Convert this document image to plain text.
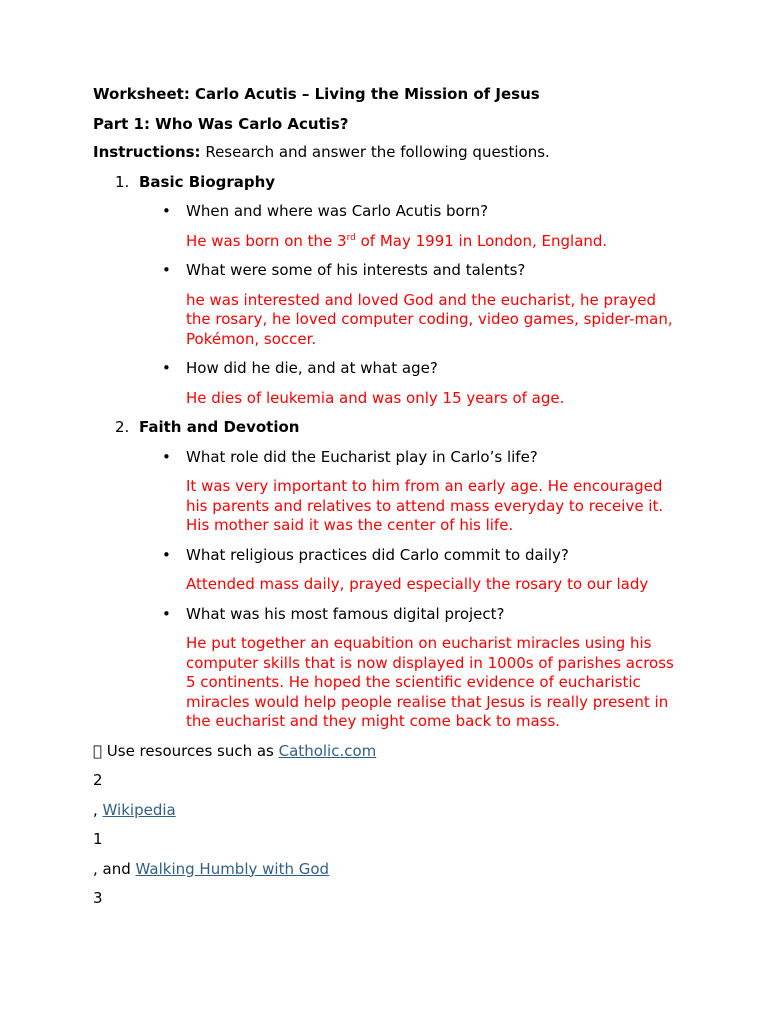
Worksheet: Carlo Acutis – Living the Mission of Jesus

Part 1: Who Was Carlo Acutis?

Instructions: Research and answer the following questions.

1. Basic Biography
• When and where was Carlo Acutis born?

He was born on the 3rd of May 1991 in London, England.

• What were some of his interests and talents?

he was interested and loved God and the eucharist, he prayed the rosary, he loved computer coding, video games, spider-man, Pokémon, soccer.

• How did he die, and at what age?

He dies of leukemia and was only 15 years of age.

2. Faith and Devotion
• What role did the Eucharist play in Carlo’s life?

It was very important to him from an early age. He encouraged his parents and relatives to attend mass everyday to receive it. His mother said it was the center of his life.

• What religious practices did Carlo commit to daily?

Attended mass daily, prayed especially the rosary to our lady

• What was his most famous digital project?

He put together an equabition on eucharist miracles using his computer skills that is now displayed in 1000s of parishes across 5 continents. He hoped the scientific evidence of eucharistic miracles would help people realise that Jesus is really present in the eucharist and they might come back to mass.

  Use resources such as Catholic.com

2

, Wikipedia

1

, and Walking Humbly with God

3
